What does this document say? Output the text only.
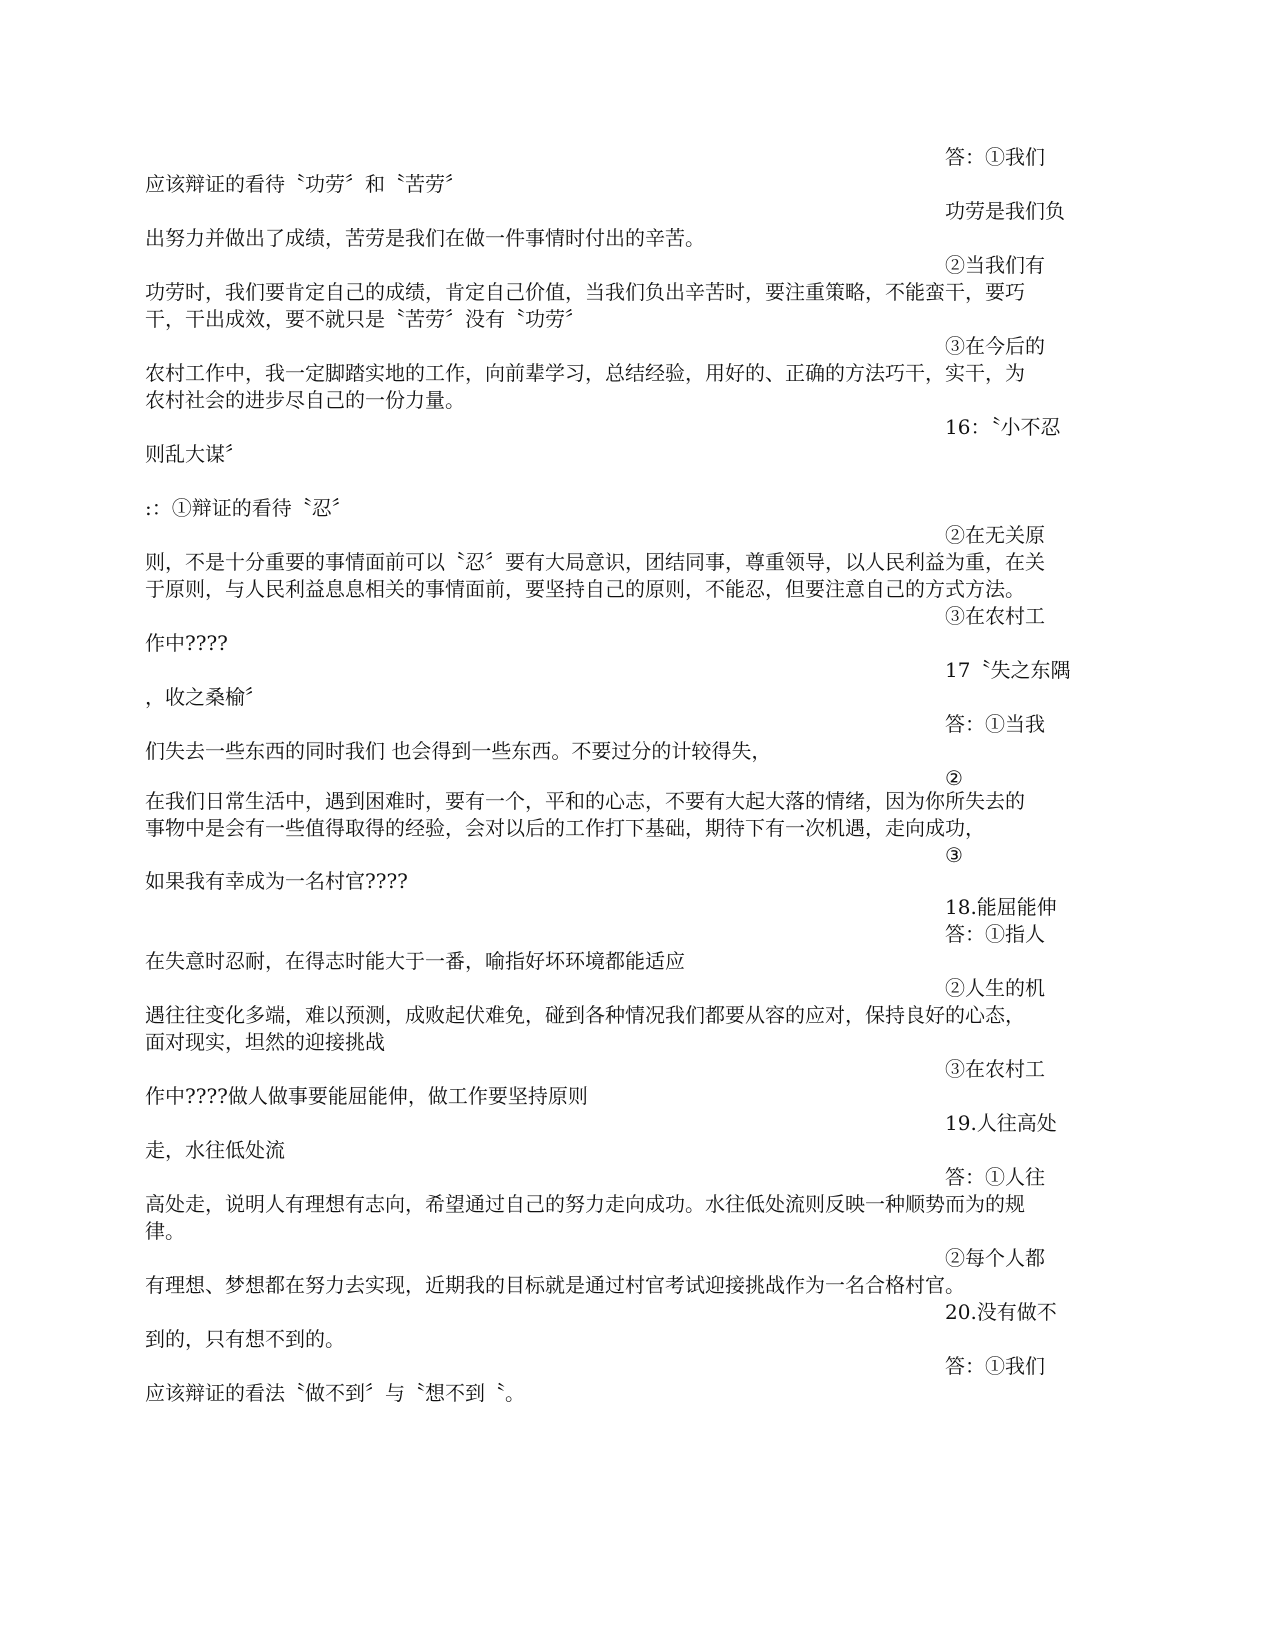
答：①我们
应该辩证的看待〝功劳〞和〝苦劳〞
功劳是我们负
出努力并做出了成绩，苦劳是我们在做一件事情时付出的辛苦。
②当我们有
功劳时，我们要肯定自己的成绩，肯定自己价值，当我们负出辛苦时，要注重策略，不能蛮干，要巧
干，干出成效，要不就只是〝苦劳〞没有〝功劳〞
③在今后的
农村工作中，我一定脚踏实地的工作，向前辈学习，总结经验，用好的、正确的方法巧干，实干，为
农村社会的进步尽自己的一份力量。
16：〝小不忍
则乱大谋〞
:：①辩证的看待〝忍〞
②在无关原
则，不是十分重要的事情面前可以〝忍〞要有大局意识，团结同事，尊重领导，以人民利益为重，在关
于原则，与人民利益息息相关的事情面前，要坚持自己的原则，不能忍，但要注意自己的方式方法。
③在农村工
作中????
17〝失之东隅
，收之桑榆〞
答：①当我
们失去一些东西的同时我们 也会得到一些东西。不要过分的计较得失，
②
在我们日常生活中，遇到困难时，要有一个，平和的心志，不要有大起大落的情绪，因为你所失去的
事物中是会有一些值得取得的经验，会对以后的工作打下基础，期待下有一次机遇，走向成功，
③
如果我有幸成为一名村官????
18.能屈能伸
答：①指人
在失意时忍耐，在得志时能大于一番，喻指好坏环境都能适应
②人生的机
遇往往变化多端，难以预测，成败起伏难免，碰到各种情况我们都要从容的应对，保持良好的心态，
面对现实，坦然的迎接挑战
③在农村工
作中????做人做事要能屈能伸，做工作要坚持原则
19.人往高处
走，水往低处流
答：①人往
高处走，说明人有理想有志向，希望通过自己的努力走向成功。水往低处流则反映一种顺势而为的规
律。
②每个人都
有理想、梦想都在努力去实现，近期我的目标就是通过村官考试迎接挑战作为一名合格村官。
20.没有做不
到的，只有想不到的。
答：①我们
应该辩证的看法〝做不到〞与〝想不到〝。
